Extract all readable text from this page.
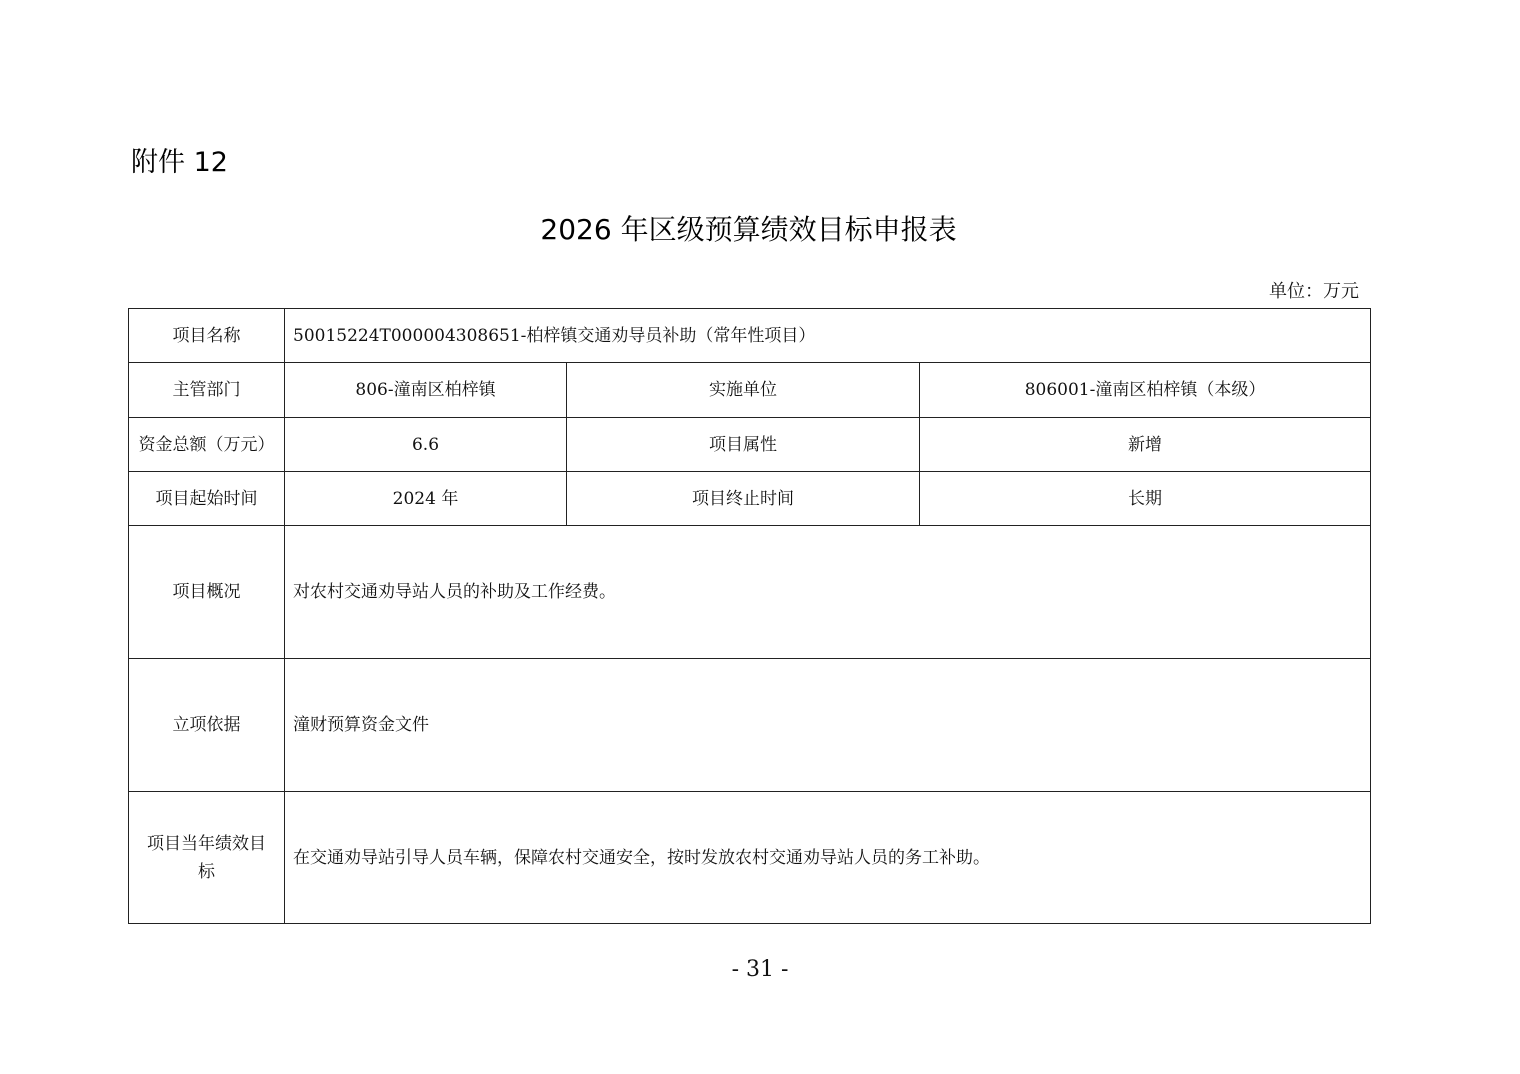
附件 12
2026 年区级预算绩效目标申报表
单位：万元
项目名称	50015224T000004308651-柏梓镇交通劝导员补助（常年性项目）		
主管部门	806-潼南区柏梓镇	实施单位	806001-潼南区柏梓镇（本级）
资金总额（万元）	6.6	项目属性	新增
项目起始时间	2024 年	项目终止时间	长期
项目概况	对农村交通劝导站人员的补助及工作经费。		
立项依据	潼财预算资金文件		
项目当年绩效目标	在交通劝导站引导人员车辆，保障农村交通安全，按时发放农村交通劝导站人员的务工补助。		
- 31 -
